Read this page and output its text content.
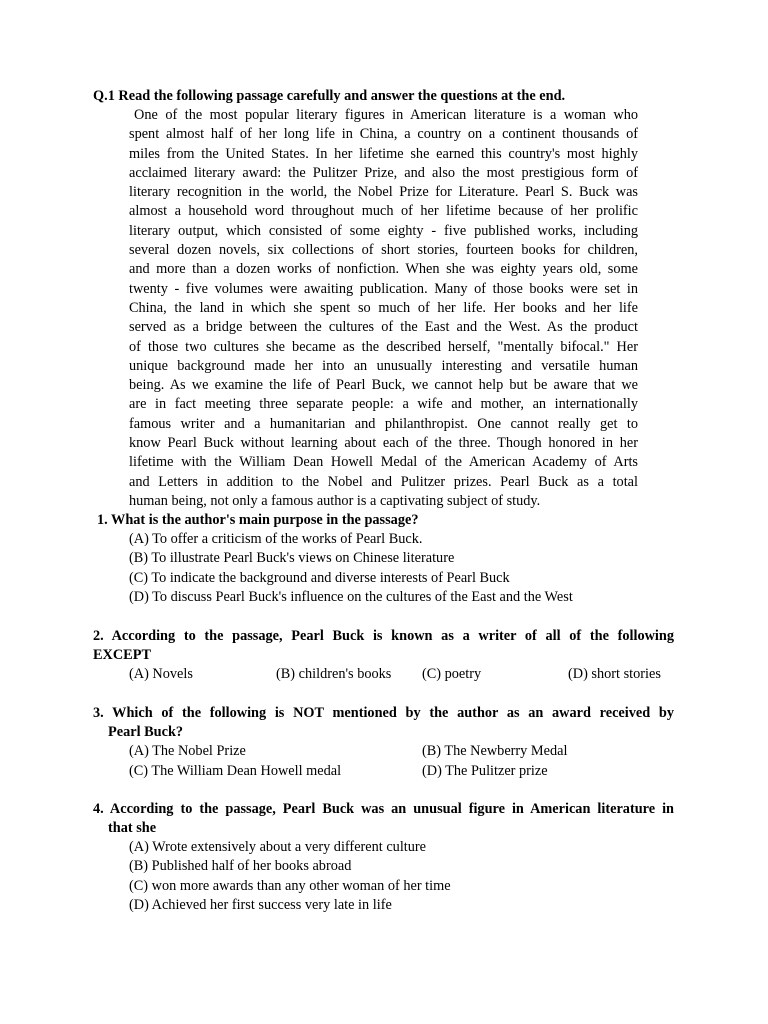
Q.1 Read the following passage carefully and answer the questions at the end.
One of the most popular literary figures in American literature is a woman who
spent almost half of her long life in China, a country on a continent thousands of
miles from the United States. In her lifetime she earned this country's most highly
acclaimed literary award: the Pulitzer Prize, and also the most prestigious form of
literary recognition in the world, the Nobel Prize for Literature. Pearl S. Buck was
almost a household word throughout much of her lifetime because of her prolific
literary output, which consisted of some eighty - five published works, including
several dozen novels, six collections of short stories, fourteen books for children,
and more than a dozen works of nonfiction. When she was eighty years old, some
twenty - five volumes were awaiting publication. Many of those books were set in
China, the land in which she spent so much of her life. Her books and her life
served as a bridge between the cultures of the East and the West. As the product
of those two cultures she became as the described herself, "mentally bifocal." Her
unique background made her into an unusually interesting and versatile human
being. As we examine the life of Pearl Buck, we cannot help but be aware that we
are in fact meeting three separate people: a wife and mother, an internationally
famous writer and a humanitarian and philanthropist. One cannot really get to
know Pearl Buck without learning about each of the three. Though honored in her
lifetime with the William Dean Howell Medal of the American Academy of Arts
and Letters in addition to the Nobel and Pulitzer prizes. Pearl Buck as a total
human being, not only a famous author is a captivating subject of study.
1. What is the author's main purpose in the passage?
(A) To offer a criticism of the works of Pearl Buck.
(B) To illustrate Pearl Buck's views on Chinese literature
(C) To indicate the background and diverse interests of Pearl Buck
(D) To discuss Pearl Buck's influence on the cultures of the East and the West
2. According to the passage, Pearl Buck is known as a writer of all of the following
EXCEPT
(A) Novels	(B) children's books (C) poetry	(D) short stories
3. Which of the following is NOT mentioned by the author as an award received by
Pearl Buck?
(A) The Nobel Prize	(B) The Newberry Medal
(C) The William Dean Howell medal	(D) The Pulitzer prize
4. According to the passage, Pearl Buck was an unusual figure in American literature in
that she
(A) Wrote extensively about a very different culture
(B) Published half of her books abroad
(C) won more awards than any other woman of her time
(D) Achieved her first success very late in life
